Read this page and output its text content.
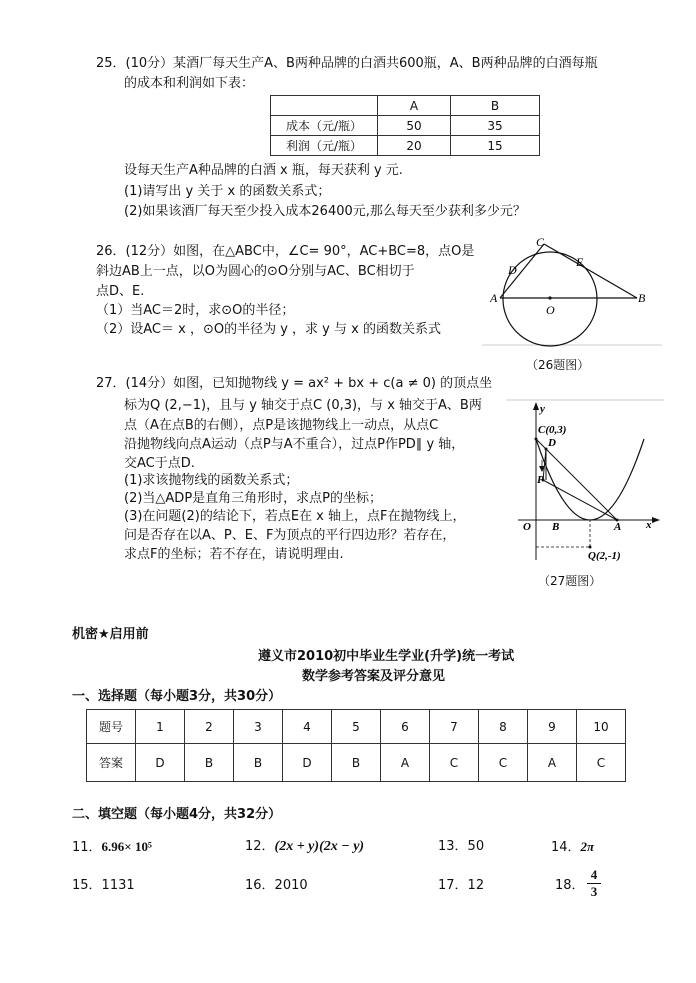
25．(10分）某酒厂每天生产A、B两种品牌的白酒共600瓶，A、B两种品牌的白酒每瓶
的成本和利润如下表：
	A	B
成本（元/瓶）	50	35
利润（元/瓶）	20	15
设每天生产A种品牌的白酒 x 瓶，每天获利 y 元.
(1)请写出 y 关于 x 的函数关系式；
(2)如果该酒厂每天至少投入成本26400元,那么每天至少获利多少元？
26．(12分）如图，在△ABC中，∠C= 90°，AC+BC=8，点O是
斜边AB上一点，以O为圆心的⊙O分别与AC、BC相切于
点D、E.
（1）当AC＝2时，求⊙O的半径；
（2）设AC＝ x ，⊙O的半径为 y ，求 y 与 x 的函数关系式
C
E
D
A
O
B
（26题图）
27．(14分）如图，已知抛物线 y = ax² + bx + c(a ≠ 0) 的顶点坐
标为Q (2,−1)，且与 y 轴交于点C (0,3)，与 x 轴交于A、B两
点（A在点B的右侧），点P是该抛物线上一动点，从点C
沿抛物线向点A运动（点P与A不重合），过点P作PD∥ y 轴，
交AC于点D.
(1)求该抛物线的函数关系式；
(2)当△ADP是直角三角形时，求点P的坐标；
(3)在问题(2)的结论下，若点E在 x 轴上，点F在抛物线上，
问是否存在以A、P、E、F为顶点的平行四边形？若存在，
求点F的坐标；若不存在，请说明理由.
y
C(0,3)
D
P
O B	A x
Q(2,-1)
（27题图）
机密★启用前
遵义市2010初中毕业生学业(升学)统一考试
数学参考答案及评分意见
一、选择题（每小题3分，共30分）
题号	1	2	3	4	5	6	7	8	9	10
答案	D	B	B	D	B	A	C	C	A	C
二、填空题（每小题4分，共32分）
11．6.96× 10⁵	12．(2x + y)(2x − y)	13．50	14．2π
15．1131	16．2010	17．12	18． $\frac{4}{3}$
